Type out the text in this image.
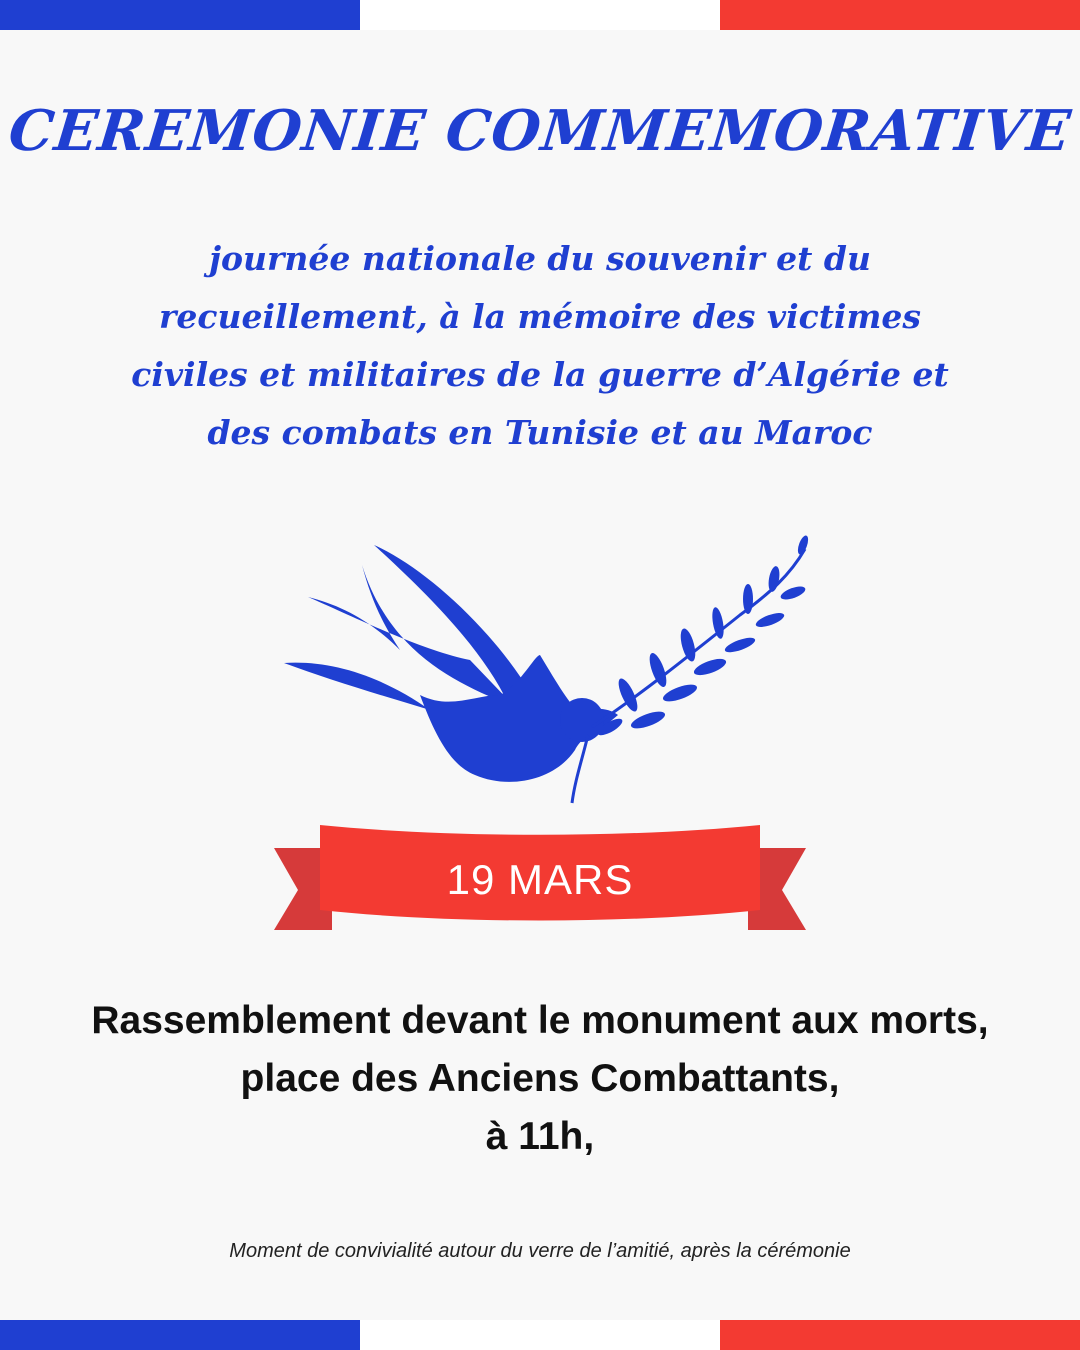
CEREMONIE COMMEMORATIVE
journée nationale du souvenir et du
recueillement, à la mémoire des victimes
civiles et militaires de la guerre d’Algérie et
des combats en Tunisie et au Maroc
19 MARS
Rassemblement devant le monument aux morts,
place des Anciens Combattants,
à 11h,
Moment de convivialité autour du verre de l’amitié, après la cérémonie
